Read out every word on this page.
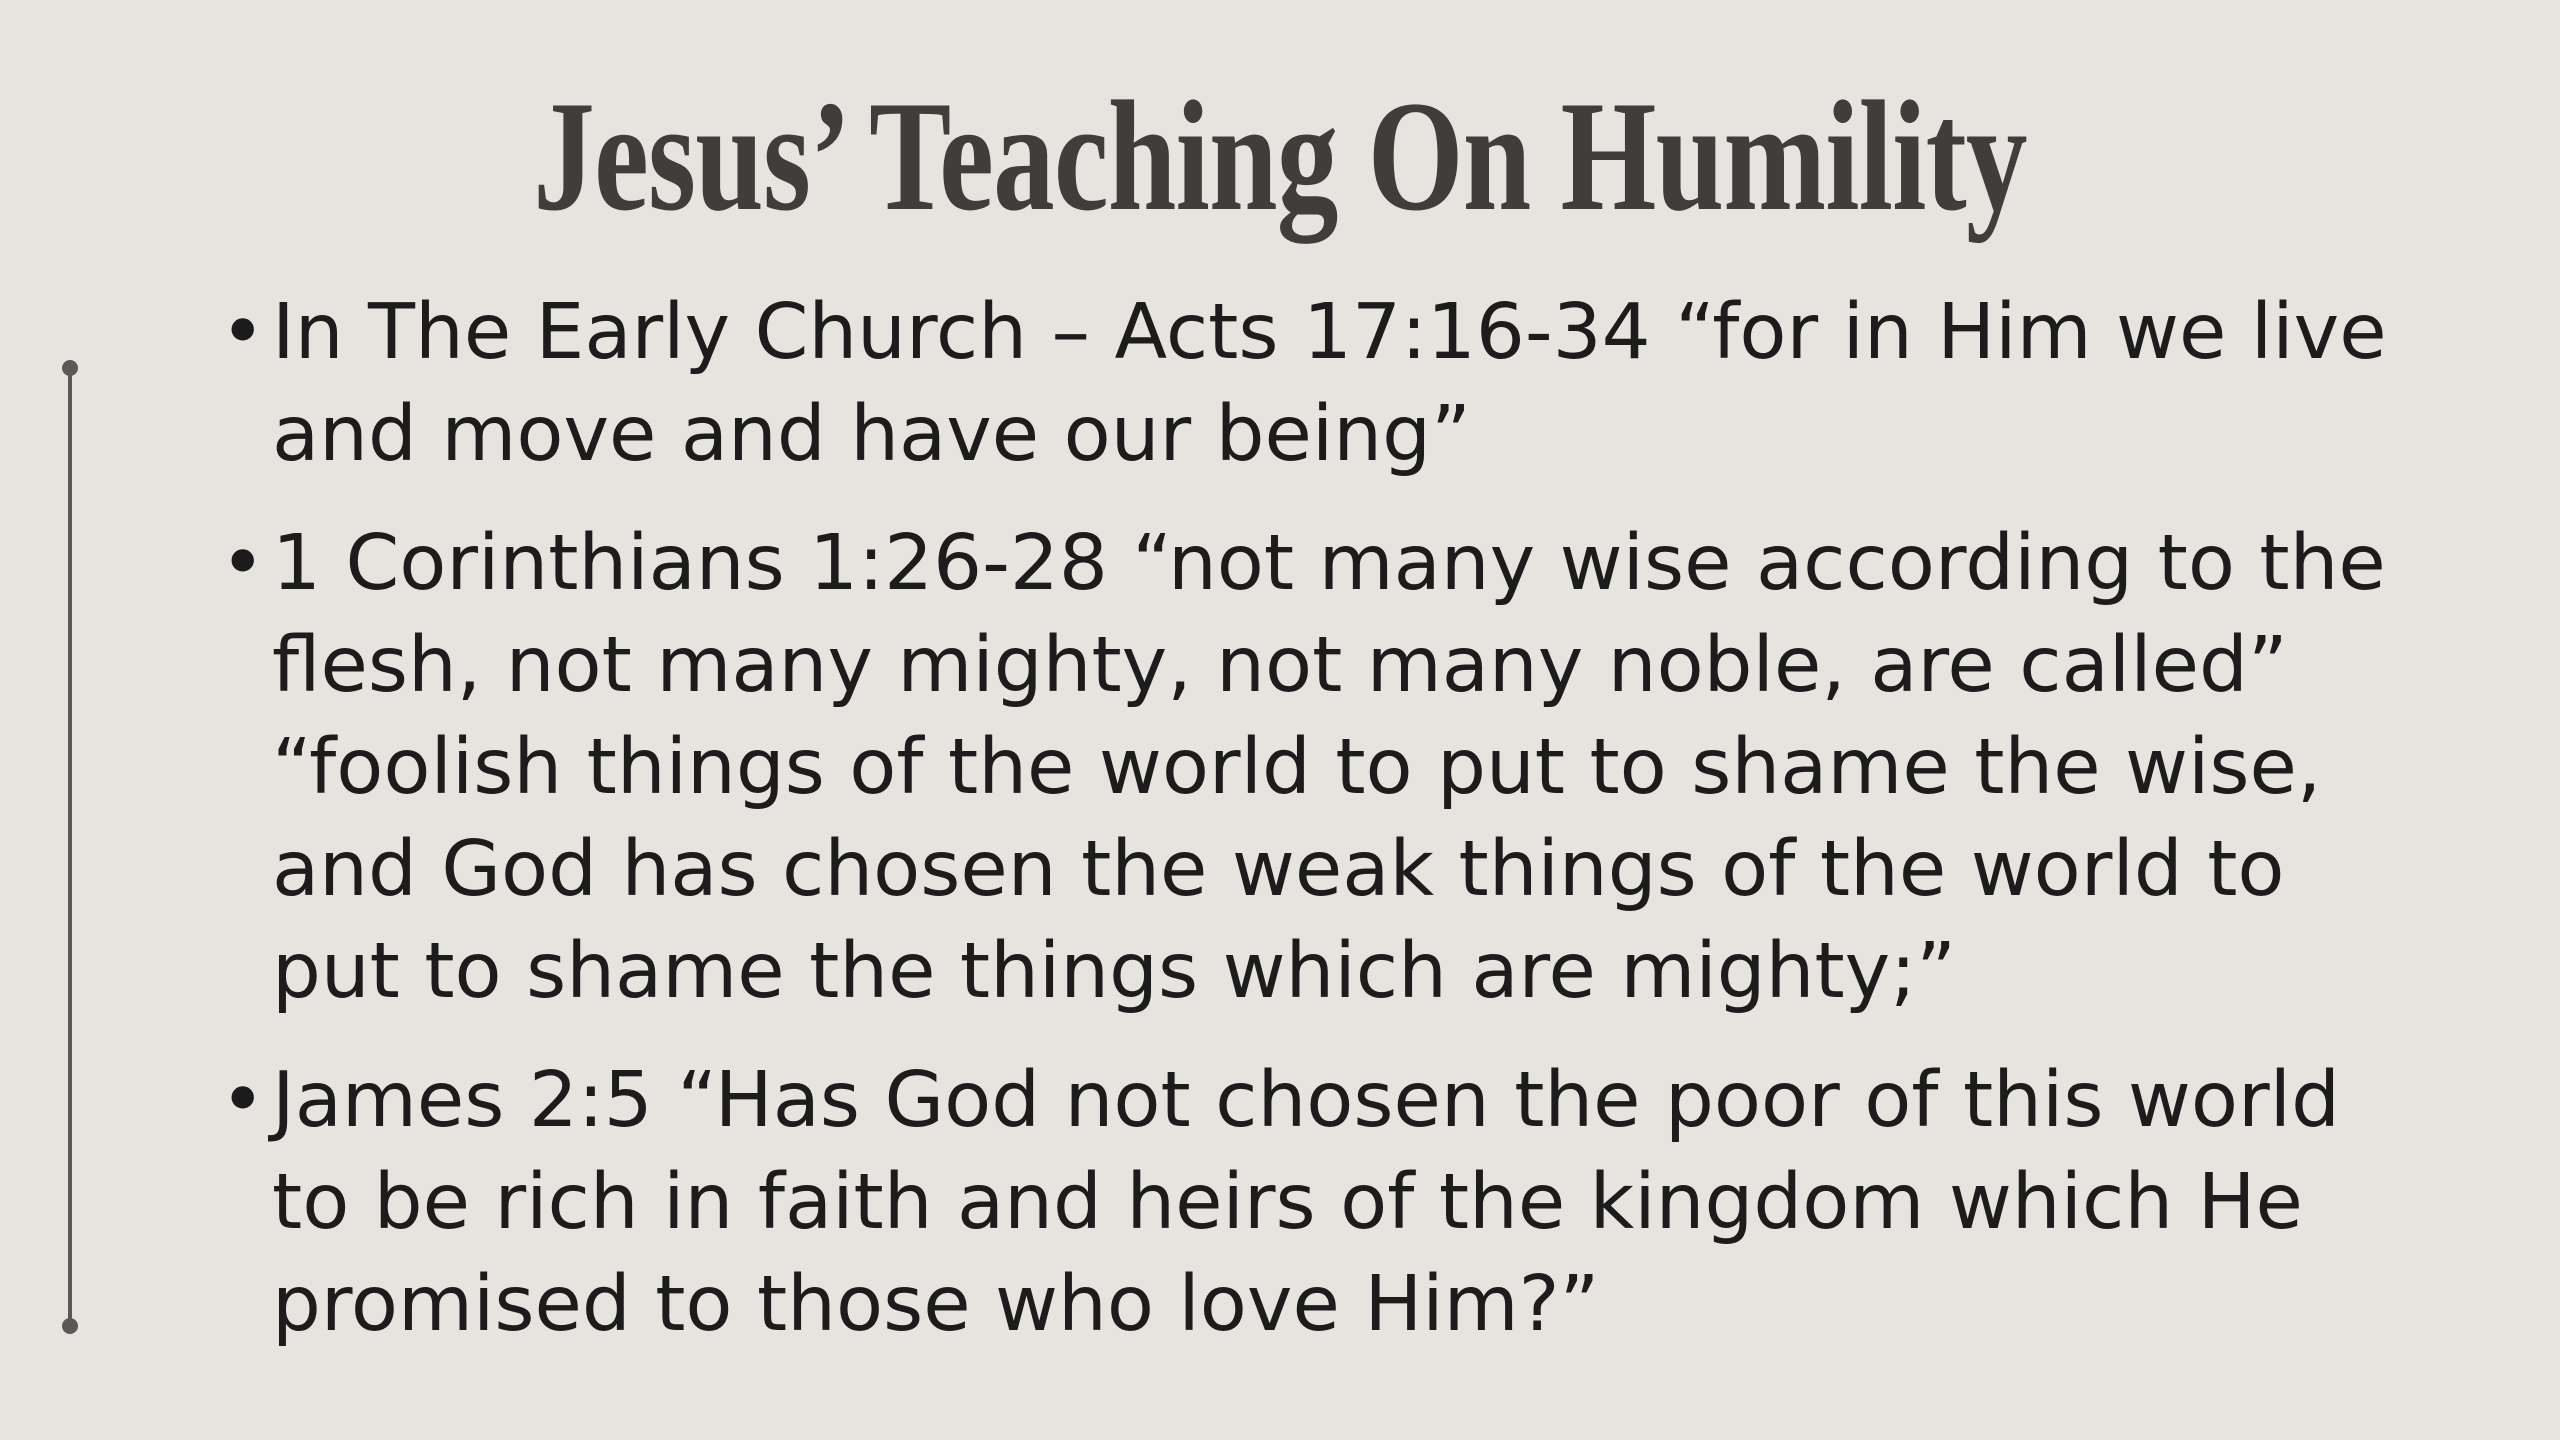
Jesus’ Teaching On Humility
• In The Early Church – Acts 17:16-34 “for in Him we live and move and have our being”
• 1 Corinthians 1:26-28 “not many wise according to the flesh, not many mighty, not many noble, are called” “foolish things of the world to put to shame the wise, and God has chosen the weak things of the world to put to shame the things which are mighty;”
• James 2:5 “Has God not chosen the poor of this world to be rich in faith and heirs of the kingdom which He promised to those who love Him?”
